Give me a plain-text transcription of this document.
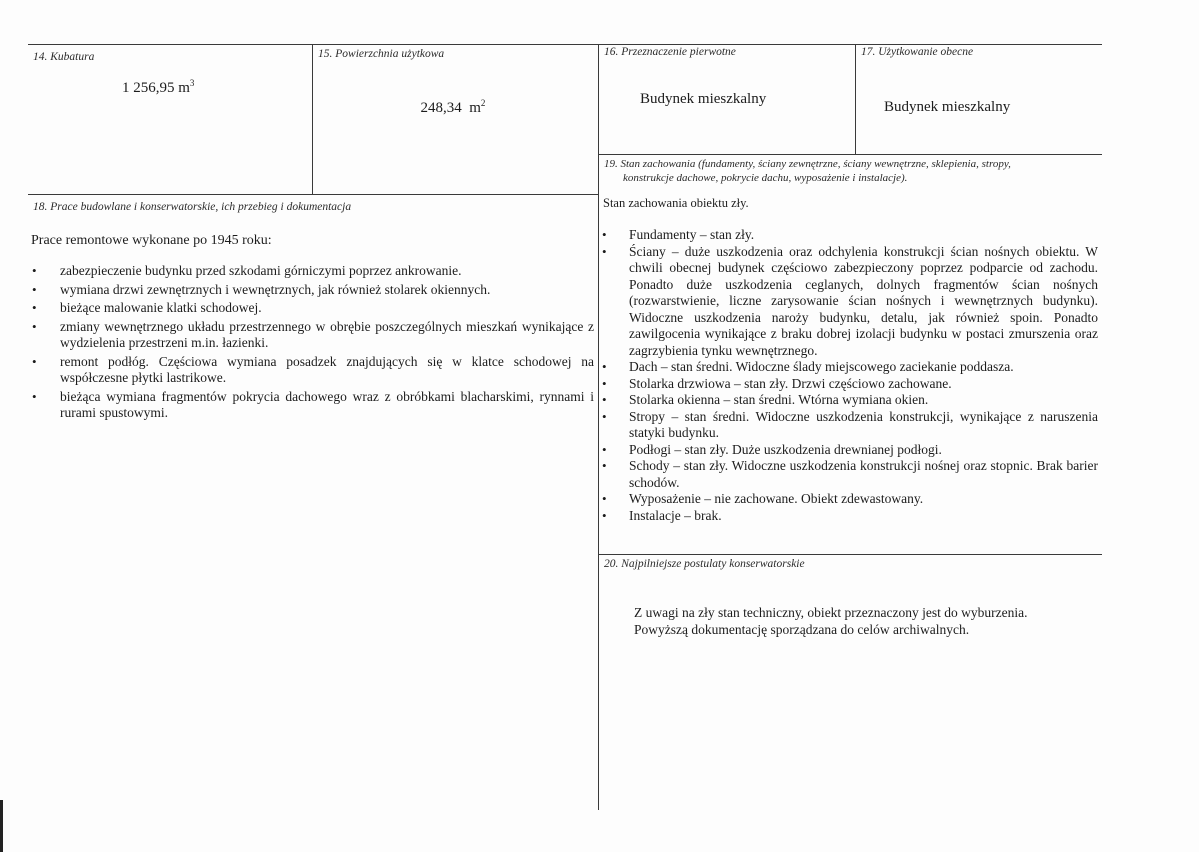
14. Kubatura
1 256,95 $m^3$
15. Powierzchnia użytkowa

248,34  $m^2$

16. Przeznaczenie pierwotne
Budynek mieszkalny
17. Użytkowanie obecne
Budynek mieszkalny
18. Prace budowlane i konserwatorskie, ich przebieg i dokumentacja
Prace remontowe wykonane po 1945 roku:
• zabezpieczenie budynku przed szkodami górniczymi poprzez ankrowanie.
• wymiana drzwi zewnętrznych i wewnętrznych, jak również stolarek okiennych.
• bieżące malowanie klatki schodowej.
• zmiany wewnętrznego układu przestrzennego w obrębie poszczególnych mieszkań wynikające z wydzielenia przestrzeni m.in. łazienki.
• remont podłóg. Częściowa wymiana posadzek znajdujących się w klatce schodowej na współczesne płytki lastrikowe.
• bieżąca wymiana fragmentów pokrycia dachowego wraz z obróbkami blacharskimi, rynnami i rurami spustowymi.
19. Stan zachowania (fundamenty, ściany zewnętrzne, ściany wewnętrzne, sklepienia, stropy,
konstrukcje dachowe, pokrycie dachu, wyposażenie i instalacje).
Stan zachowania obiektu zły.
• Fundamenty – stan zły.
• Ściany – duże uszkodzenia oraz odchylenia konstrukcji ścian nośnych obiektu. W chwili obecnej budynek częściowo zabezpieczony poprzez podparcie od zachodu. Ponadto duże uszkodzenia ceglanych, dolnych fragmentów ścian nośnych (rozwarstwienie, liczne zarysowanie ścian nośnych i wewnętrznych budynku). Widoczne uszkodzenia naroży budynku, detalu, jak również spoin. Ponadto zawilgocenia wynikające z braku dobrej izolacji budynku w postaci zmurszenia oraz zagrzybienia tynku wewnętrznego.
• Dach – stan średni. Widoczne ślady miejscowego zaciekanie poddasza.
• Stolarka drzwiowa – stan zły. Drzwi częściowo zachowane.
• Stolarka okienna – stan średni. Wtórna wymiana okien.
• Stropy – stan średni. Widoczne uszkodzenia konstrukcji, wynikające z naruszenia statyki budynku.
• Podłogi – stan zły. Duże uszkodzenia drewnianej podłogi.
• Schody – stan zły. Widoczne uszkodzenia konstrukcji nośnej oraz stopnic. Brak barier schodów.
• Wyposażenie – nie zachowane. Obiekt zdewastowany.
• Instalacje – brak.
20. Najpilniejsze postulaty konserwatorskie
Z uwagi na zły stan techniczny, obiekt przeznaczony jest do wyburzenia.
Powyższą dokumentację sporządzana do celów archiwalnych.
